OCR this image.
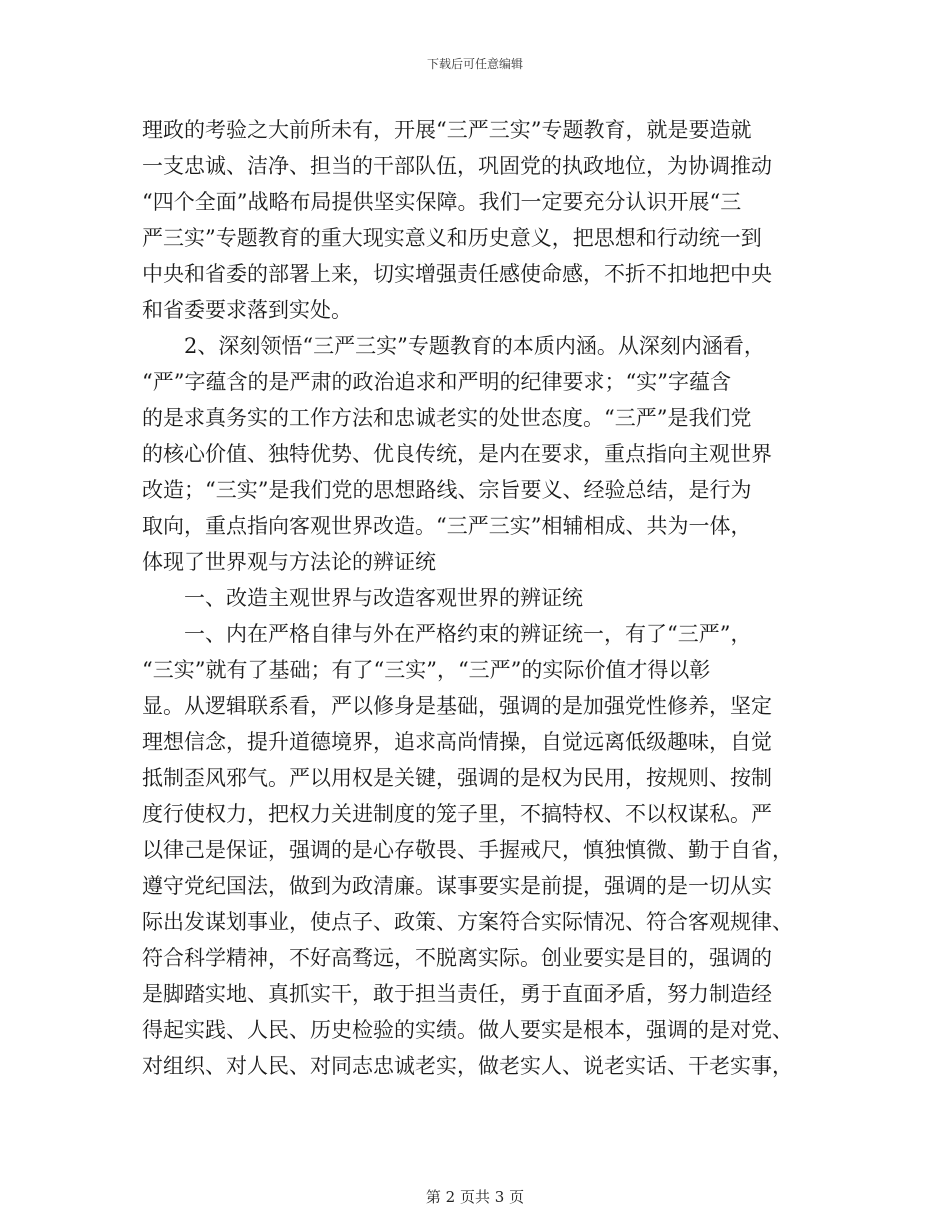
下载后可任意编辑
理政的考验之大前所未有，开展“三严三实”专题教育，就是要造就
一支忠诚、洁净、担当的干部队伍，巩固党的执政地位，为协调推动
“四个全面”战略布局提供坚实保障。我们一定要充分认识开展“三
严三实”专题教育的重大现实意义和历史意义，把思想和行动统一到
中央和省委的部署上来，切实增强责任感使命感，不折不扣地把中央
和省委要求落到实处。
2、深刻领悟“三严三实”专题教育的本质内涵。从深刻内涵看，
“严”字蕴含的是严肃的政治追求和严明的纪律要求；“实”字蕴含
的是求真务实的工作方法和忠诚老实的处世态度。“三严”是我们党
的核心价值、独特优势、优良传统，是内在要求，重点指向主观世界
改造；“三实”是我们党的思想路线、宗旨要义、经验总结，是行为
取向，重点指向客观世界改造。“三严三实”相辅相成、共为一体，
体现了世界观与方法论的辨证统
一、改造主观世界与改造客观世界的辨证统
一、内在严格自律与外在严格约束的辨证统一，有了“三严”，
“三实”就有了基础；有了“三实”，“三严”的实际价值才得以彰
显。从逻辑联系看，严以修身是基础，强调的是加强党性修养，坚定
理想信念，提升道德境界，追求高尚情操，自觉远离低级趣味，自觉
抵制歪风邪气。严以用权是关键，强调的是权为民用，按规则、按制
度行使权力，把权力关进制度的笼子里，不搞特权、不以权谋私。严
以律己是保证，强调的是心存敬畏、手握戒尺，慎独慎微、勤于自省，
遵守党纪国法，做到为政清廉。谋事要实是前提，强调的是一切从实
际出发谋划事业，使点子、政策、方案符合实际情况、符合客观规律、
符合科学精神，不好高骛远，不脱离实际。创业要实是目的，强调的
是脚踏实地、真抓实干，敢于担当责任，勇于直面矛盾，努力制造经
得起实践、人民、历史检验的实绩。做人要实是根本，强调的是对党、
对组织、对人民、对同志忠诚老实，做老实人、说老实话、干老实事，
第 2 页共 3 页
